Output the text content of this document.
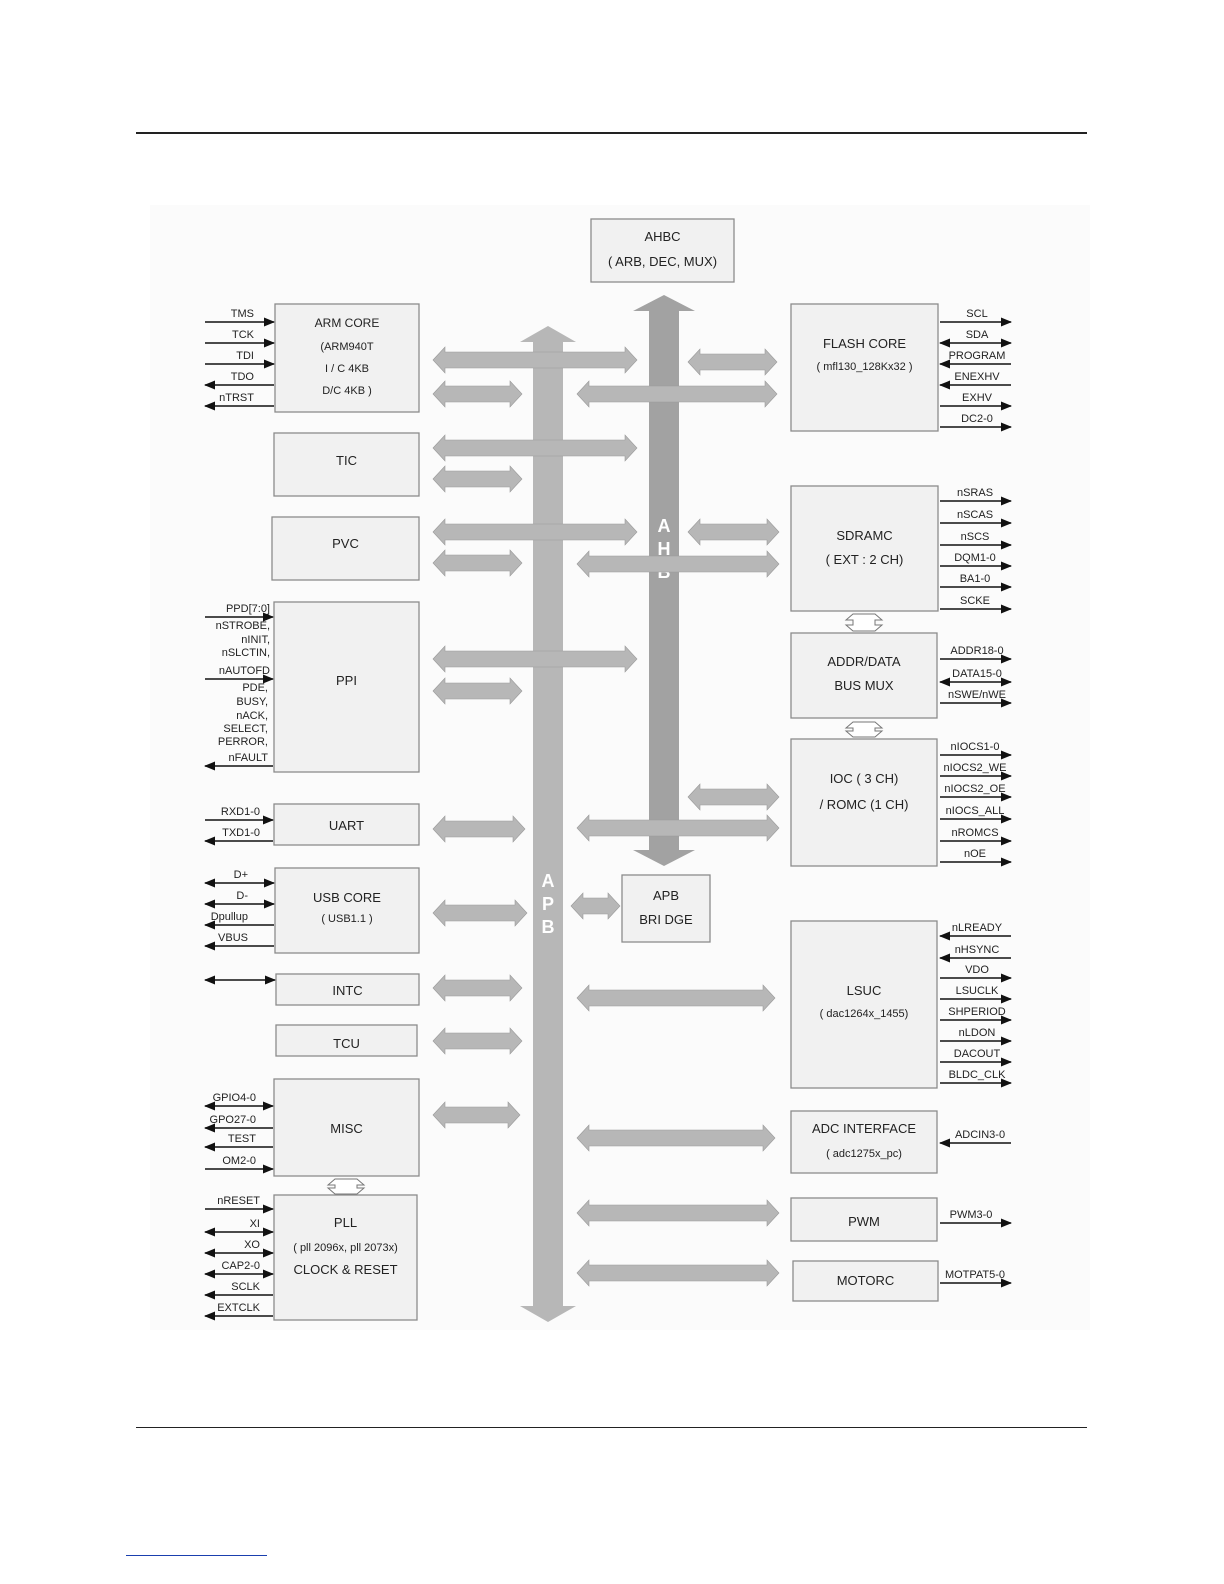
A
H
A
P
B
AHBC
( ARB, DEC, MUX)
ARM CORE
(ARM940T
I / C 4KB
D/C 4KB )
TIC
PVC
PPI
UART
USB CORE
( USB1.1 )
INTC
TCU
MISC
PLL
( pll 2096x, pll 2073x)
CLOCK & RESET
FLASH CORE
( mfl130_128Kx32 )
SDRAMC
( EXT : 2 CH)
ADDR/DATA
BUS MUX
IOC ( 3 CH)
/ ROMC (1 CH)
APB
BRI DGE
LSUC
( dac1264x_1455)
ADC INTERFACE
( adc1275x_pc)
PWM
MOTORC
TMS
TCK
TDI
TDO
nTRST
PPD[7:0]
nSTROBE,
nINIT,
nSLCTIN,
nAUTOFD
PDE,
BUSY,
nACK,
SELECT,
PERROR,
nFAULT
RXD1-0
TXD1-0
D+
D-
Dpullup
VBUS
GPIO4-0
GPO27-0
TEST
OM2-0
nRESET
XI
XO
CAP2-0
SCLK
EXTCLK
SCL
SDA
PROGRAM
ENEXHV
EXHV
DC2-0
nSRAS
nSCAS
nSCS
DQM1-0
BA1-0
SCKE
ADDR18-0
DATA15-0
nSWE/nWE
nIOCS1-0
nIOCS2_WE
nIOCS2_OE
nIOCS_ALL
nROMCS
nOE
nLREADY
nHSYNC
VDO
LSUCLK
SHPERIOD
nLDON
DACOUT
BLDC_CLK
ADCIN3-0
PWM3-0
MOTPAT5-0
